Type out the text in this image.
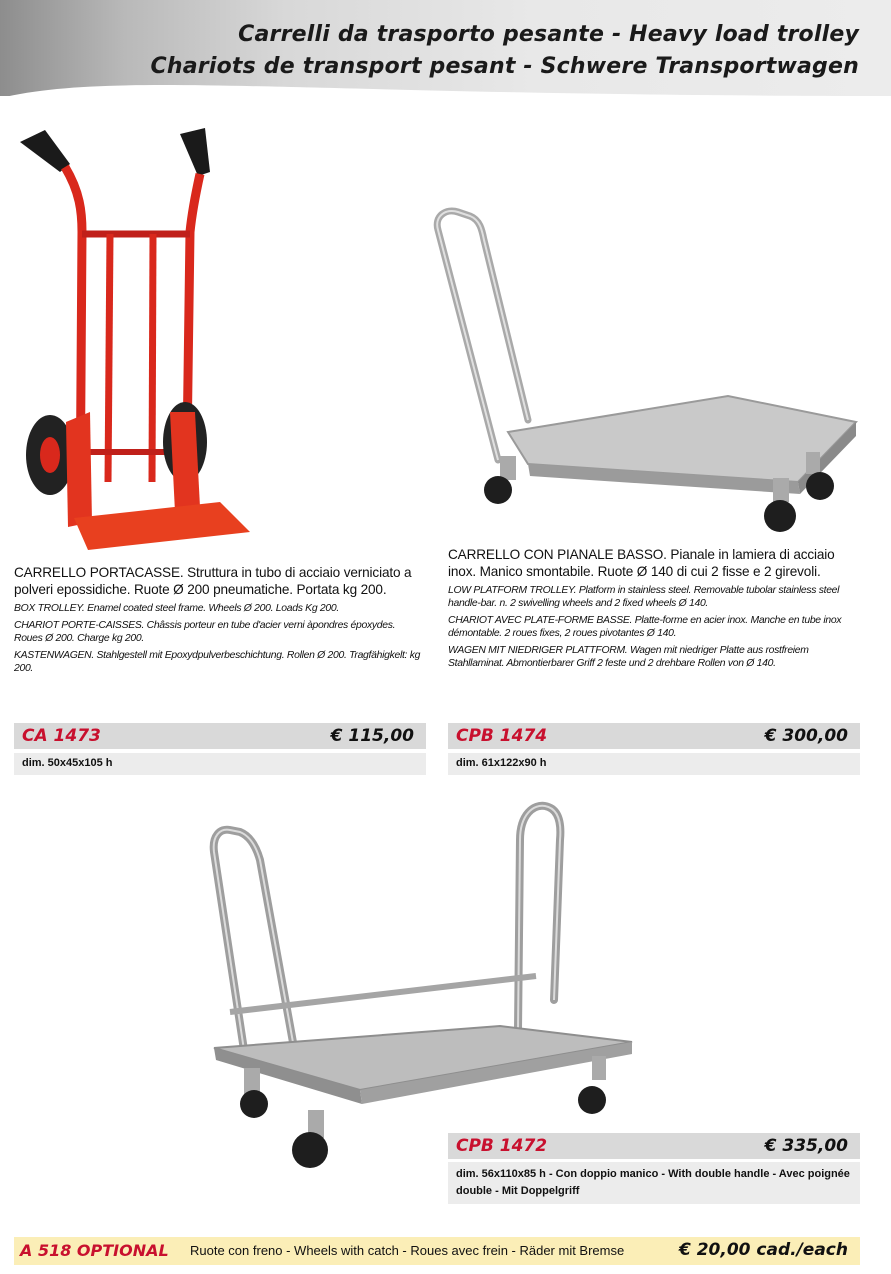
Carrelli da trasporto pesante - Heavy load trolley
Chariots de transport pesant - Schwere Transportwagen

CARRELLO PORTACASSE. Struttura in tubo di acciaio verniciato a polveri epossidiche. Ruote Ø 200 pneumatiche. Portata kg 200.

BOX TROLLEY. Enamel coated steel frame. Wheels Ø 200. Loads Kg 200.

CHARIOT PORTE-CAISSES. Châssis porteur en tube d'acier verni àpondres époxydes. Roues Ø 200. Charge kg 200.

KASTENWAGEN. Stahlgestell mit Epoxydpulverbeschichtung. Rollen Ø 200. Tragfähigkelt: kg 200.

CARRELLO CON PIANALE BASSO. Pianale in lamiera di acciaio inox. Manico smontabile. Ruote Ø 140 di cui 2 fisse e 2 girevoli.

LOW PLATFORM TROLLEY. Platform in stainless steel. Removable tubolar stainless steel handle-bar. n. 2 swivelling wheels and 2 fixed wheels Ø 140.

CHARIOT AVEC PLATE-FORME BASSE. Platte-forme en acier inox. Manche en tube inox démontable. 2 roues fixes, 2 roues pivotantes Ø 140.

WAGEN MIT NIEDRIGER PLATTFORM. Wagen mit niedriger Platte aus rostfreiem Stahllaminat. Abmontierbarer Griff 2 feste und 2 drehbare Rollen von Ø 140.

CA 1473	€ 115,00
dim. 50x45x105 h
CPB 1474	€ 300,00
dim. 61x122x90 h
CPB 1472	€ 335,00
dim. 56x110x85 h - Con doppio manico - With double handle - Avec poignée double - Mit Doppelgriff
A 518 OPTIONAL Ruote con freno - Wheels with catch - Roues avec frein - Räder mit Bremse	€ 20,00 cad./each
